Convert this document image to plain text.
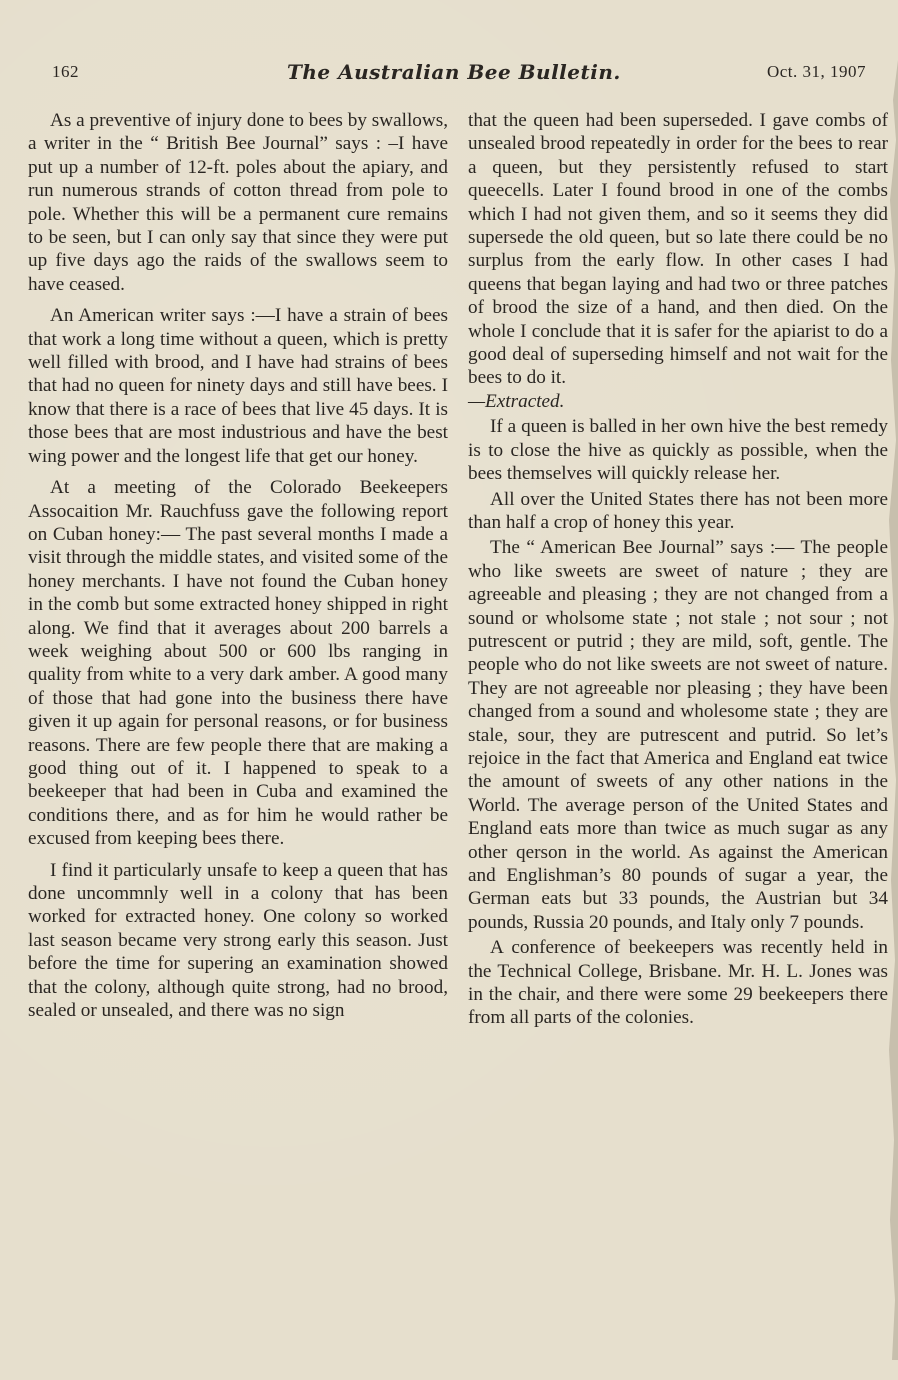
162	The Australian Bee Bulletin.	Oct. 31, 1907

As a preventive of injury done to bees by swallows, a writer in the “ British Bee Journal” says : –I have put up a number of 12-ft. poles about the apiary, and run numerous strands of cotton thread from pole to pole. Whether this will be a permanent cure remains to be seen, but I can only say that since they were put up five days ago the raids of the swallows seem to have ceased.

An American writer says :—I have a strain of bees that work a long time without a queen, which is pretty well filled with brood, and I have had strains of bees that had no queen for ninety days and still have bees. I know that there is a race of bees that live 45 days. It is those bees that are most industrious and have the best wing power and the longest life that get our honey.

At a meeting of the Colorado Beekeepers Assocaition Mr. Rauchfuss gave the following report on Cuban honey:— The past several months I made a visit through the middle states, and visited some of the honey merchants. I have not found the Cuban honey in the comb but some extracted honey shipped in right along. We find that it averages about 200 barrels a week weighing about 500 or 600 lbs ranging in quality from white to a very dark amber. A good many of those that had gone into the business there have given it up again for personal reasons, or for business reasons. There are few people there that are making a good thing out of it. I happened to speak to a beekeeper that had been in Cuba and examined the conditions there, and as for him he would rather be excused from keeping bees there.

I find it particularly unsafe to keep a queen that has done uncommnly well in a colony that has been worked for extracted honey. One colony so worked last season became very strong early this season. Just before the time for supering an examination showed that the colony, although quite strong, had no brood, sealed or unsealed, and there was no sign

that the queen had been superseded. I gave combs of unsealed brood repeatedly in order for the bees to rear a queen, but they persistently refused to start queecells. Later I found brood in one of the combs which I had not given them, and so it seems they did supersede the old queen, but so late there could be no surplus from the early flow. In other cases I had queens that began laying and had two or three patches of brood the size of a hand, and then died. On the whole I conclude that it is safer for the apiarist to do a good deal of superseding himself and not wait for the bees to do it.
—Extracted.

If a queen is balled in her own hive the best remedy is to close the hive as quickly as possible, when the bees themselves will quickly release her.

All over the United States there has not been more than half a crop of honey this year.

The “ American Bee Journal” says :— The people who like sweets are sweet of nature ; they are agreeable and pleasing ; they are not changed from a sound or wholsome state ; not stale ; not sour ; not putrescent or putrid ; they are mild, soft, gentle. The people who do not like sweets are not sweet of nature. They are not agreeable nor pleasing ; they have been changed from a sound and wholesome state ; they are stale, sour, they are putrescent and putrid. So let’s rejoice in the fact that America and England eat twice the amount of sweets of any other nations in the World. The average person of the United States and England eats more than twice as much sugar as any other qerson in the world. As against the American and Englishman’s 80 pounds of sugar a year, the German eats but 33 pounds, the Austrian but 34 pounds, Russia 20 pounds, and Italy only 7 pounds.

A conference of beekeepers was recently held in the Technical College, Brisbane. Mr. H. L. Jones was in the chair, and there were some 29 beekeepers there from all parts of the colonies.
